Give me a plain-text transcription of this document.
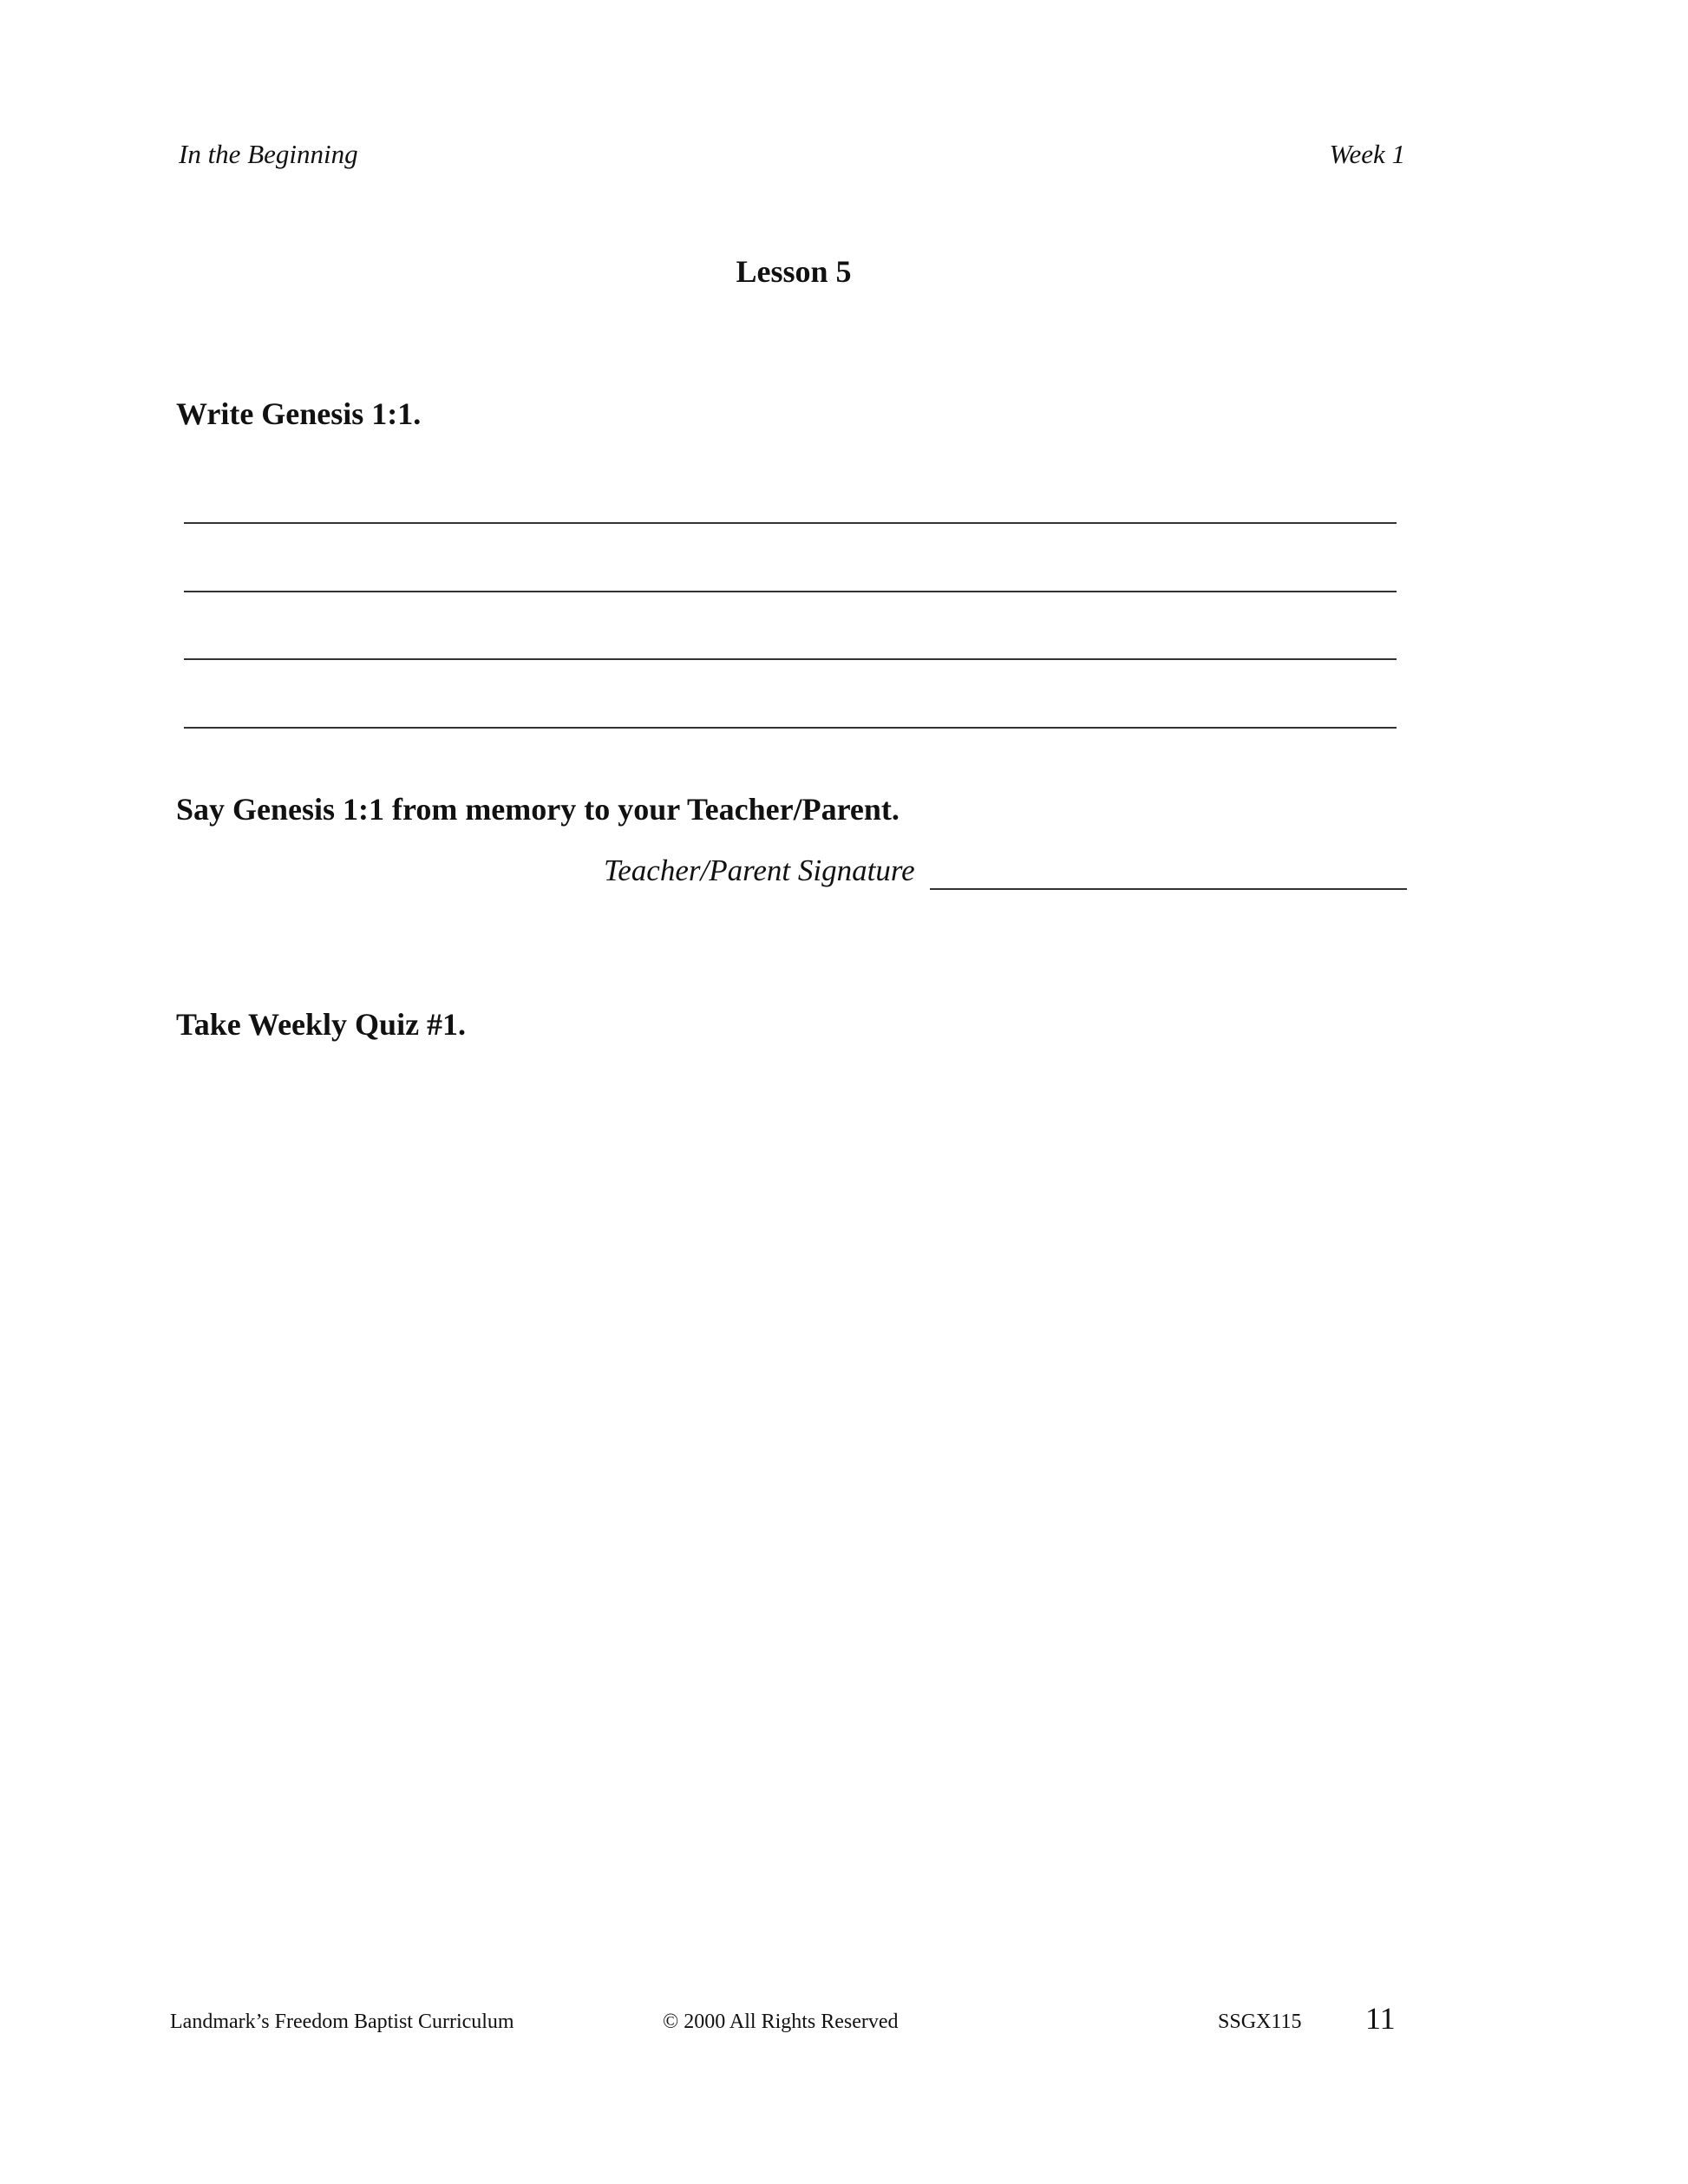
In the Beginning	Week 1
Lesson 5
Write Genesis 1:1.
Say Genesis 1:1 from memory to your Teacher/Parent.
Teacher/Parent Signature
Take Weekly Quiz #1.
Landmark’s Freedom Baptist Curriculum	© 2000 All Rights Reserved	SSGX115 11
